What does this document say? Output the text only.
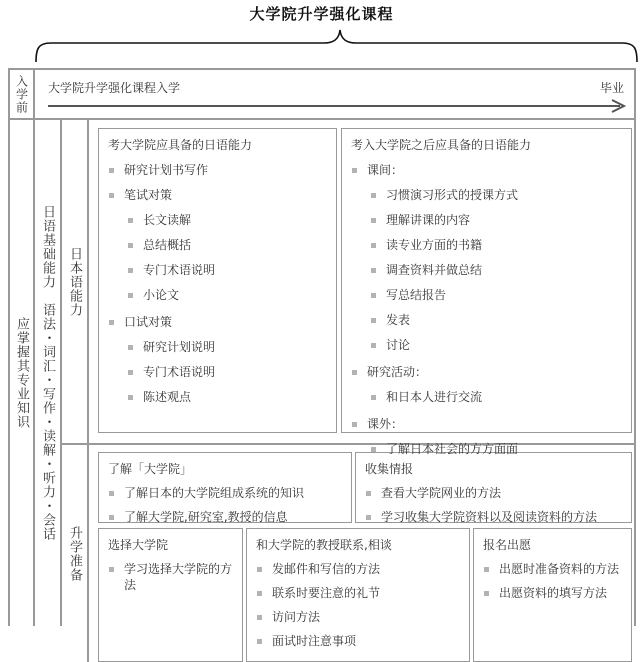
大学院升学强化课程
入学前 大学院升学强化课程入学	毕业
应掌握其专业知识 日语基础能力　语法・词汇・写作・读解・听力・会话 日本语能力
考大学院应具备的日语能力
研究计划书写作
笔试对策
长文读解
总结概括
专门术语说明
小论文
口试对策
研究计划说明
专门术语说明
陈述观点
考入大学院之后应具备的日语能力
课间：
习惯演习形式的授课方式
理解讲课的内容
读专业方面的书籍
调查资料并做总结
写总结报告
发表
讨论
研究活动：
和日本人进行交流
课外：
了解日本社会的方方面面
升学准备
了解「大学院」
了解日本的大学院组成系统的知识
了解大学院,研究室,教授的信息
收集情报
查看大学院网业的方法
学习收集大学院资料以及阅读资料的方法
选择大学院
学习选择大学院的方法
和大学院的教授联系,相谈
发邮件和写信的方法
联系时要注意的礼节
访问方法
面试时注意事项
报名出愿
出愿时准备资料的方法
出愿资料的填写方法
